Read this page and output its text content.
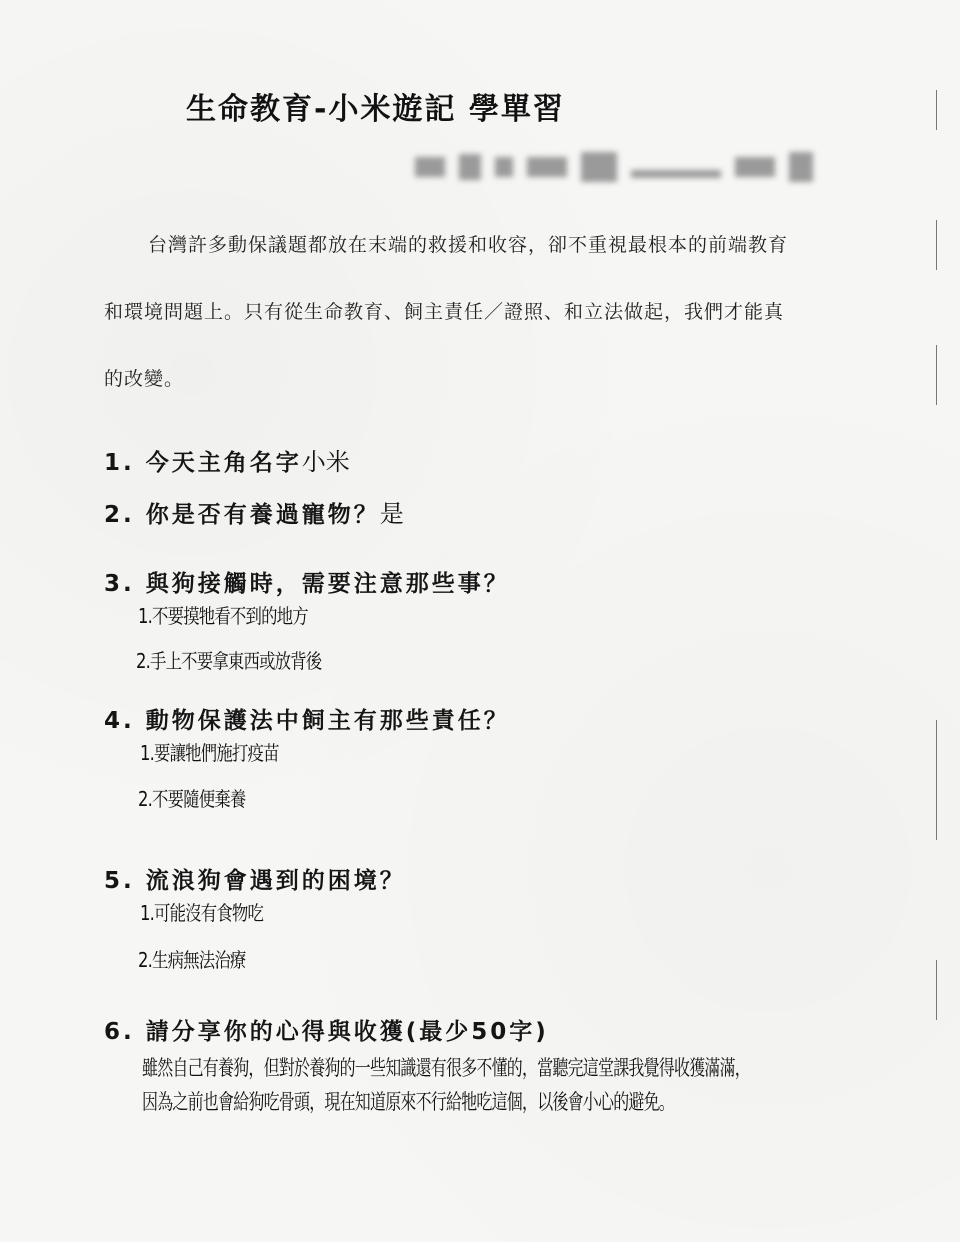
生命教育-小米遊記 學單習
台灣許多動保議題都放在末端的救援和收容，卻不重視最根本的前端教育
和環境問題上。只有從生命教育、飼主責任／證照、和立法做起，我們才能真
的改變。
1. 今天主角名字小米
2. 你是否有養過寵物？是
3. 與狗接觸時，需要注意那些事？
1.不要摸牠看不到的地方
2.手上不要拿東西或放背後
4. 動物保護法中飼主有那些責任？
1.要讓牠們施打疫苗
2.不要隨便棄養
5. 流浪狗會遇到的困境？
1.可能沒有食物吃
2.生病無法治療
6. 請分享你的心得與收獲(最少50字)
雖然自己有養狗，但對於養狗的一些知識還有很多不懂的，當聽完這堂課我覺得收獲滿滿，
因為之前也會給狗吃骨頭，現在知道原來不行給牠吃這個，以後會小心的避免。
